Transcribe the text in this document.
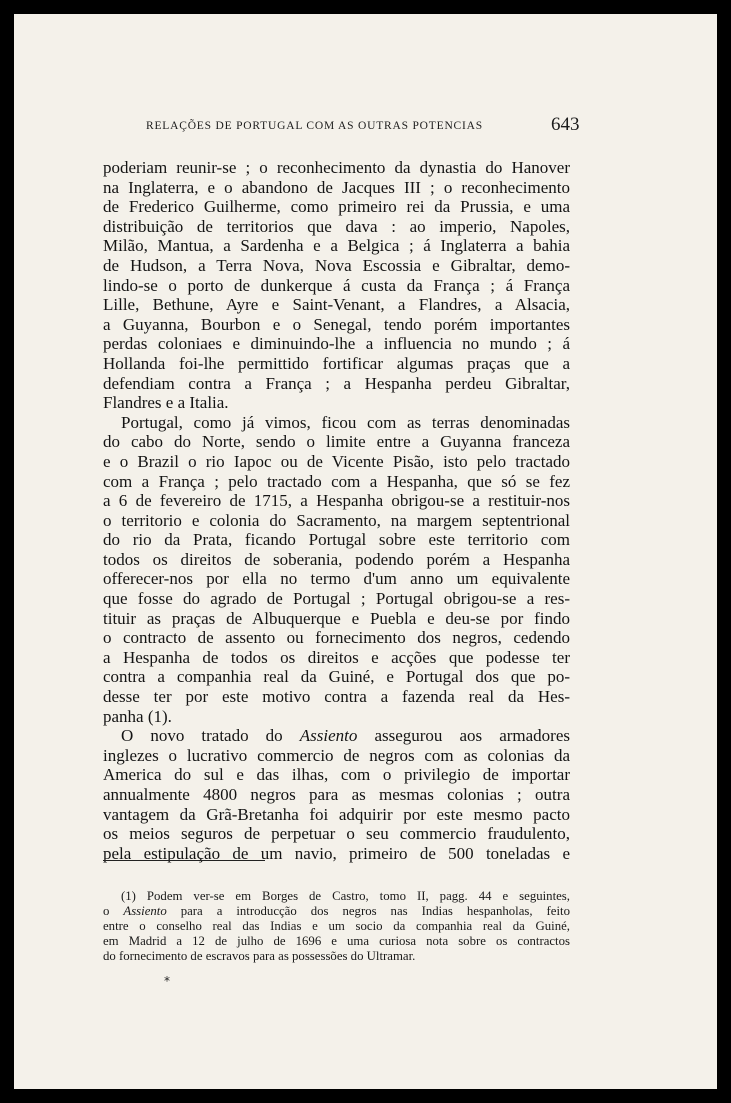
RELAÇÕES DE PORTUGAL COM AS OUTRAS POTENCIAS	643
poderiam reunir-se ; o reconhecimento da dynastia do Hanover
na Inglaterra, e o abandono de Jacques III ; o reconhecimento
de Frederico Guilherme, como primeiro rei da Prussia, e uma
distribuição de territorios que dava : ao imperio, Napoles,
Milão, Mantua, a Sardenha e a Belgica ; á Inglaterra a bahia
de Hudson, a Terra Nova, Nova Escossia e Gibraltar, demo-
lindo-se o porto de dunkerque á custa da França ; á França
Lille, Bethune, Ayre e Saint-Venant, a Flandres, a Alsacia,
a Guyanna, Bourbon e o Senegal, tendo porém importantes
perdas coloniaes e diminuindo-lhe a influencia no mundo ; á
Hollanda foi-lhe permittido fortificar algumas praças que a
defendiam contra a França ; a Hespanha perdeu Gibraltar,
Flandres e a Italia.
Portugal, como já vimos, ficou com as terras denominadas
do cabo do Norte, sendo o limite entre a Guyanna franceza
e o Brazil o rio Iapoc ou de Vicente Pisão, isto pelo tractado
com a França ; pelo tractado com a Hespanha, que só se fez
a 6 de fevereiro de 1715, a Hespanha obrigou-se a restituir-nos
o territorio e colonia do Sacramento, na margem septentrional
do rio da Prata, ficando Portugal sobre este territorio com
todos os direitos de soberania, podendo porém a Hespanha
offerecer-nos por ella no termo d'um anno um equivalente
que fosse do agrado de Portugal ; Portugal obrigou-se a res-
tituir as praças de Albuquerque e Puebla e deu-se por findo
o contracto de assento ou fornecimento dos negros, cedendo
a Hespanha de todos os direitos e acções que podesse ter
contra a companhia real da Guiné, e Portugal dos que po-
desse ter por este motivo contra a fazenda real da Hes-
panha (1).
O novo tratado do Assiento assegurou aos armadores
inglezes o lucrativo commercio de negros com as colonias da
America do sul e das ilhas, com o privilegio de importar
annualmente 4800 negros para as mesmas colonias ; outra
vantagem da Grã-Bretanha foi adquirir por este mesmo pacto
os meios seguros de perpetuar o seu commercio fraudulento,
pela estipulação de um navio, primeiro de 500 toneladas e
(1) Podem ver-se em Borges de Castro, tomo II, pagg. 44 e seguintes,
o Assiento para a introducção dos negros nas Indias hespanholas, feito
entre o conselho real das Indias e um socio da companhia real da Guiné,
em Madrid a 12 de julho de 1696 e uma curiosa nota sobre os contractos
do fornecimento de escravos para as possessões do Ultramar.
*
